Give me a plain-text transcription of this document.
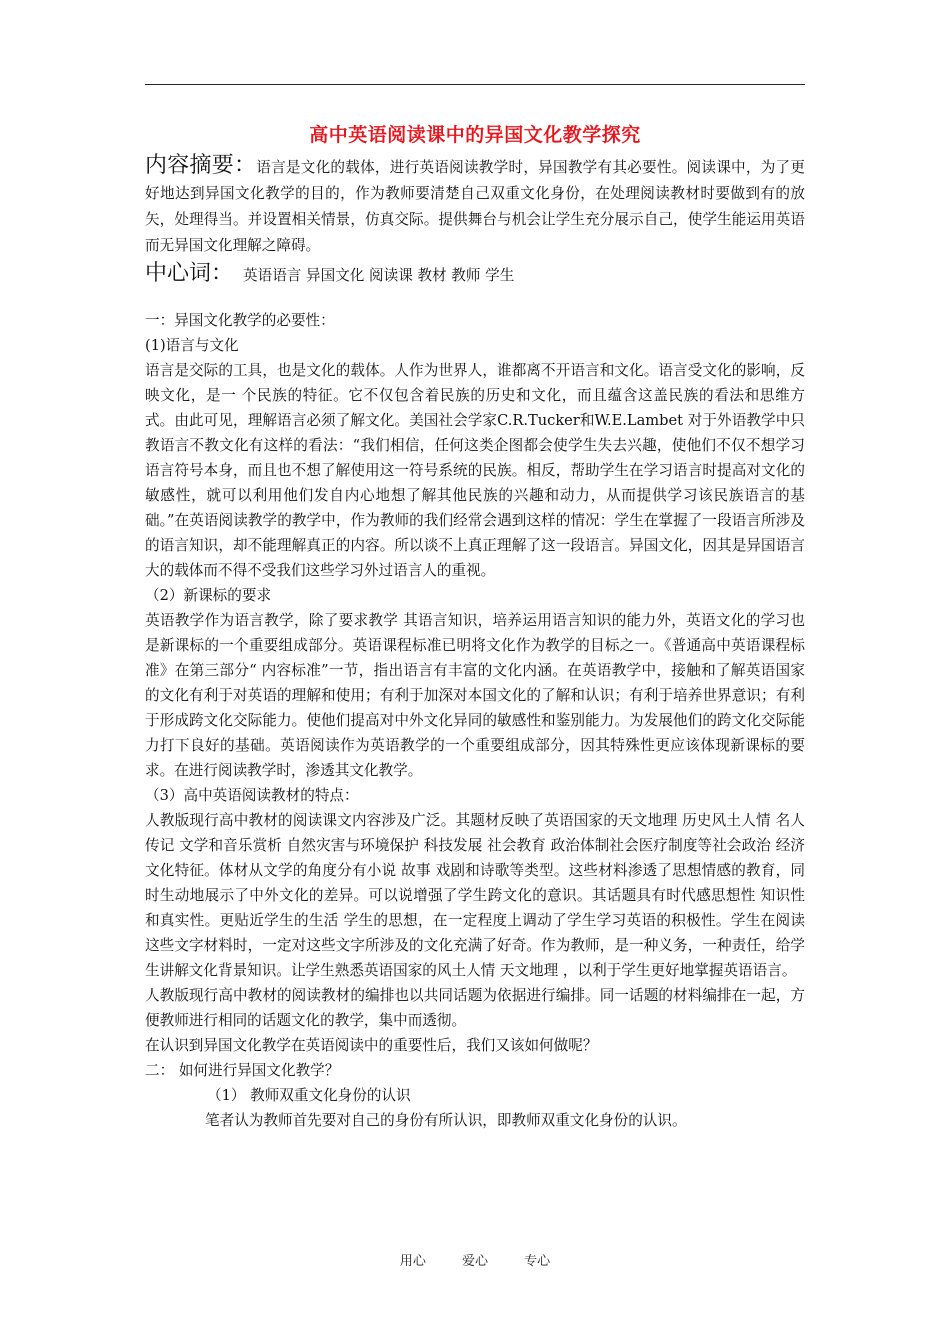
高中英语阅读课中的异国文化教学探究

内容摘要：语言是文化的载体，进行英语阅读教学时，异国教学有其必要性。阅读课中，为了更好地达到异国文化教学的目的，作为教师要清楚自己双重文化身份，在处理阅读教材时要做到有的放矢，处理得当。并设置相关情景，仿真交际。提供舞台与机会让学生充分展示自己，使学生能运用英语而无异国文化理解之障碍。

中心词： 英语语言 异国文化 阅读课 教材 教师 学生

一：异国文化教学的必要性：

(1)语言与文化

语言是交际的工具，也是文化的载体。人作为世界人，谁都离不开语言和文化。语言受文化的影响，反映文化，是一 个民族的特征。它不仅包含着民族的历史和文化，而且蕴含这盖民族的看法和思维方式。由此可见，理解语言必须了解文化。美国社会学家C.R.Tucker和W.E.Lambet 对于外语教学中只教语言不教文化有这样的看法：“我们相信，任何这类企图都会使学生失去兴趣，使他们不仅不想学习语言符号本身，而且也不想了解使用这一符号系统的民族。相反，帮助学生在学习语言时提高对文化的敏感性，就可以利用他们发自内心地想了解其他民族的兴趣和动力，从而提供学习该民族语言的基础。”在英语阅读教学的教学中，作为教师的我们经常会遇到这样的情况：学生在掌握了一段语言所涉及的语言知识，却不能理解真正的内容。所以谈不上真正理解了这一段语言。异国文化，因其是异国语言大的载体而不得不受我们这些学习外过语言人的重视。

（2）新课标的要求

英语教学作为语言教学，除了要求教学 其语言知识，培养运用语言知识的能力外，英语文化的学习也是新课标的一个重要组成部分。英语课程标准已明将文化作为教学的目标之一。《普通高中英语课程标准》在第三部分“ 内容标准”一节，指出语言有丰富的文化内涵。在英语教学中，接触和了解英语国家的文化有利于对英语的理解和使用；有利于加深对本国文化的了解和认识；有利于培养世界意识；有利于形成跨文化交际能力。使他们提高对中外文化异同的敏感性和鉴别能力。为发展他们的跨文化交际能力打下良好的基础。英语阅读作为英语教学的一个重要组成部分，因其特殊性更应该体现新课标的要求。在进行阅读教学时，渗透其文化教学。

（3）高中英语阅读教材的特点：

人教版现行高中教材的阅读课文内容涉及广泛。其题材反映了英语国家的天文地理 历史风土人情 名人传记 文学和音乐赏析 自然灾害与环境保护 科技发展 社会教育 政治体制社会医疗制度等社会政治 经济 文化特征。体材从文学的角度分有小说 故事 戏剧和诗歌等类型。这些材料渗透了思想情感的教育，同时生动地展示了中外文化的差异。可以说增强了学生跨文化的意识。其话题具有时代感思想性 知识性和真实性。更贴近学生的生活 学生的思想，在一定程度上调动了学生学习英语的积极性。学生在阅读这些文字材料时，一定对这些文字所涉及的文化充满了好奇。作为教师，是一种义务，一种责任，给学生讲解文化背景知识。让学生熟悉英语国家的风土人情 天文地理 ，以利于学生更好地掌握英语语言。

人教版现行高中教材的阅读教材的编排也以共同话题为依据进行编排。同一话题的材料编排在一起，方便教师进行相同的话题文化的教学，集中而透彻。

在认识到异国文化教学在英语阅读中的重要性后，我们又该如何做呢？

二： 如何进行异国文化教学？

（1） 教师双重文化身份的认识

笔者认为教师首先要对自己的身份有所认识，即教师双重文化身份的认识。

用心	爱心	专心
